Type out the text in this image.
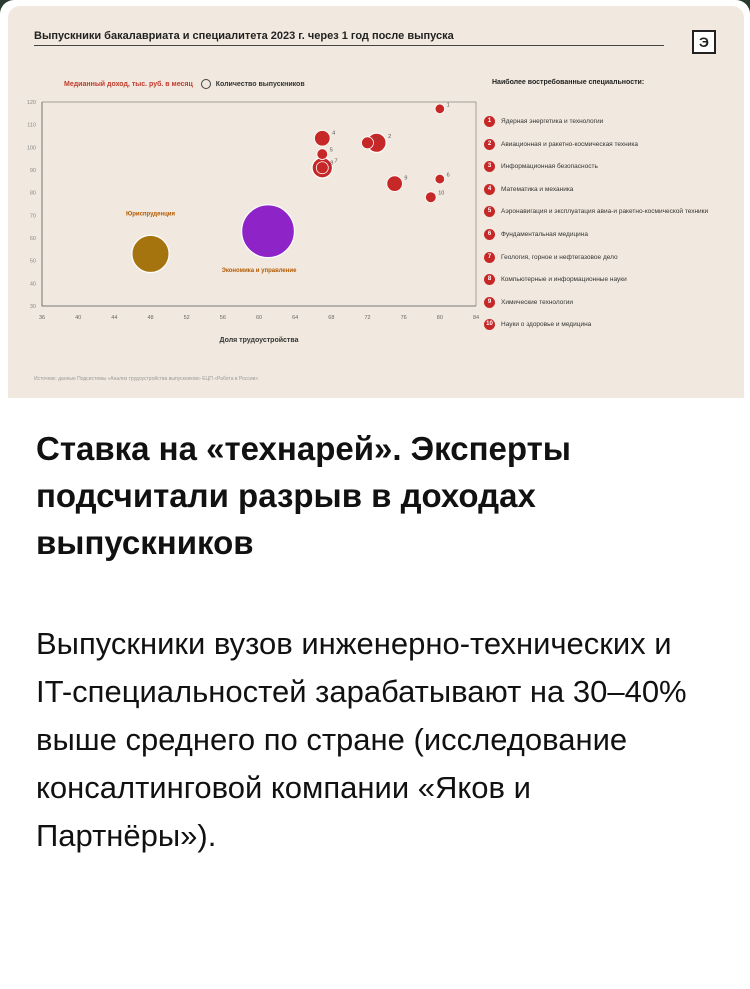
Выпускники бакалавриата и специалитета 2023 г. через 1 год после выпуска	Э
Медианный доход, тыс. руб. в месяц	Количество выпускников
120
110
100
90
80
70
60
50
40
30
36	40	44	48	52	56	60	64	68	72	76	80	84
Доля трудоустройства
7
2
4
9
3
8
5
10
1
6
Юриспруденция
Экономика и управление
Наиболее востребованные специальности:
1	Ядерная энергетика и технологии
2	Авиационная и ракетно-космическая техника
3	Информационная безопасность
4	Математика и механика
5	Аэронавигация и эксплуатация авиа-и ракетно-космической техники
6	Фундаментальная медицина
7	Геология, горное и нефтегазовое дело
8	Компьютерные и информационные науки
9	Химические технологии
10	Науки о здоровье и медицина
Источник: данные Подсистемы «Анализ трудоустройства выпускников» ЕЦП «Работа в России»
Ставка на «технарей». Эксперты подсчитали разрыв в доходах выпускников

Выпускники вузов инженерно-технических и IT-специальностей зарабатывают на 30–40% выше среднего по стране (исследование консалтинговой компании «Яков и Партнёры»).
